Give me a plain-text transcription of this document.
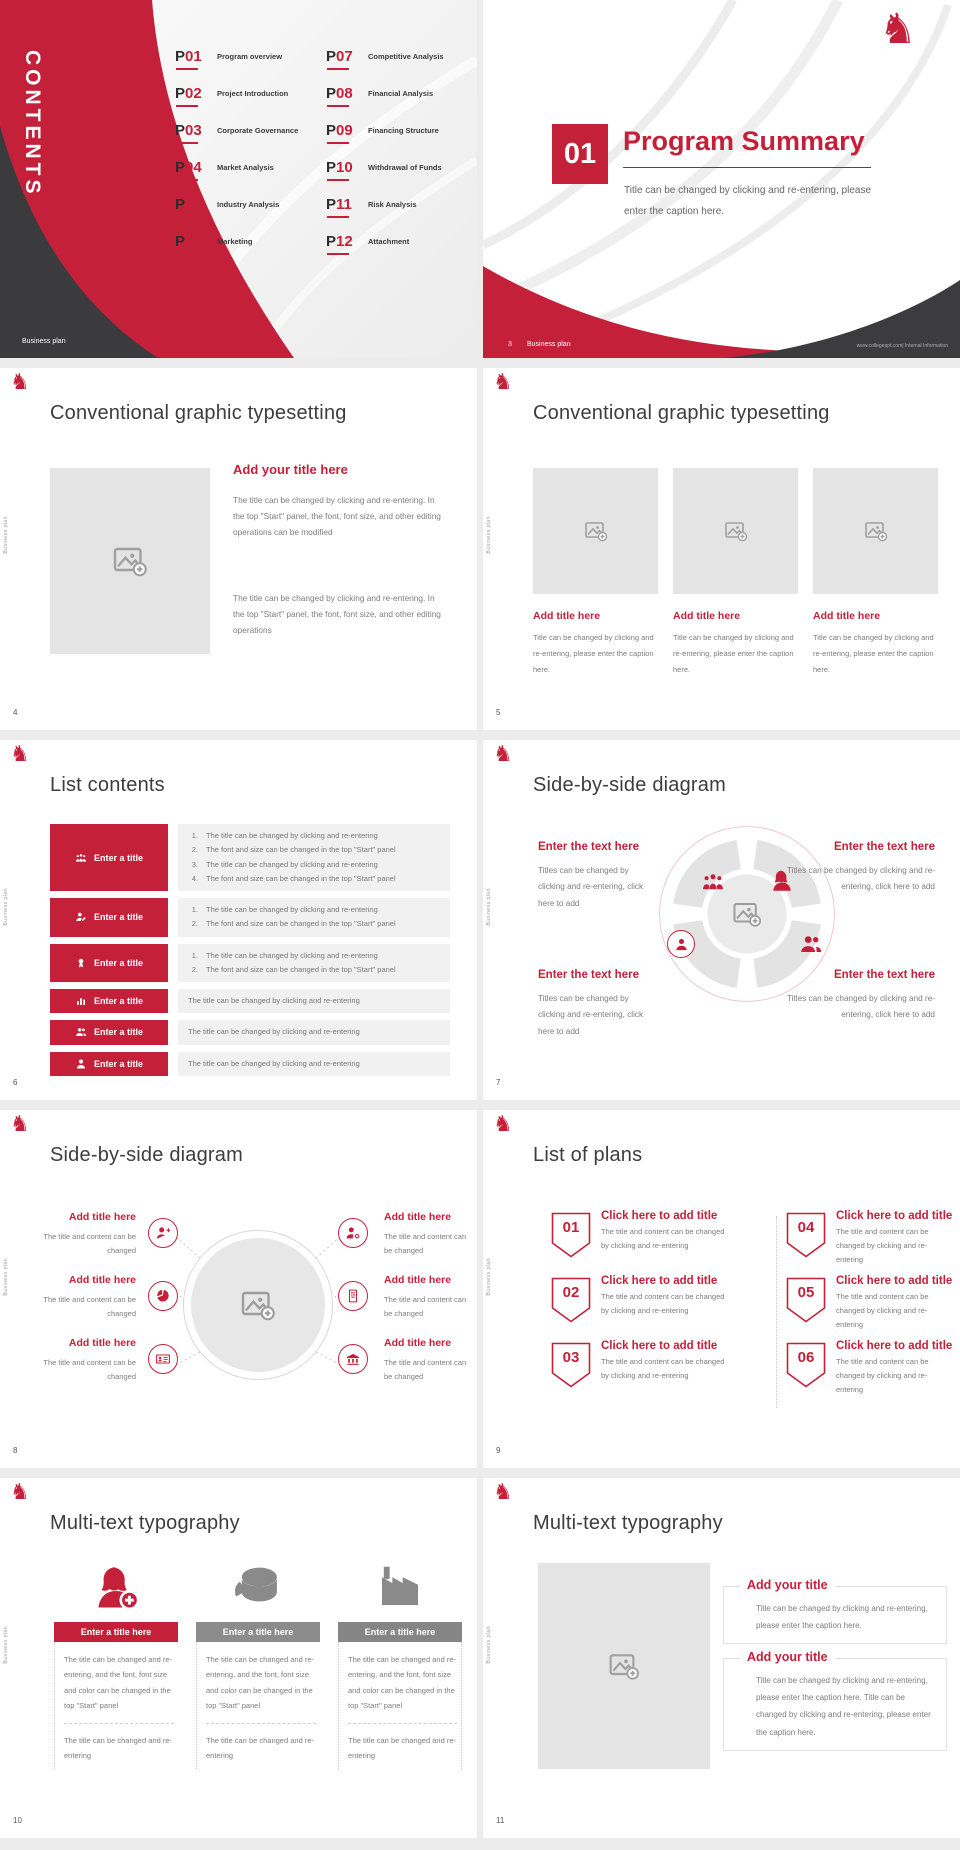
CONTENTS ♞
Business plan
P01 Program overview
P02 Project Introduction
P03 Corporate Governance
P04 Market Analysis
P05 Industry Analysis
P06 Marketing
P07 Competitive Analysis
P08 Financial Analysis
P09 Financing Structure
P10 Withdrawal of Funds
P11 Risk Analysis
P12 Attachment
♞
01 Program Summary
Title can be changed by clicking and re-entering, please enter the caption here.
3 Business plan	www.collegeppt.com| Internal Information
♞
Business plan
Conventional graphic typesetting
Add your title here
The title can be changed by clicking and re-entering. In the top "Start" panel, the font, font size, and other editing operations can be modified
The title can be changed by clicking and re-entering. In the top "Start" panel, the font, font size, and other editing operations
4
♞
Business plan
Conventional graphic typesetting
Add title here

Title can be changed by clicking and re-entering, please enter the caption here.

Add title here

Title can be changed by clicking and re-entering, please enter the caption here.

Add title here

Title can be changed by clicking and re-entering, please enter the caption here.

5
♞
Business plan
List contents
Enter a title
1. The title can be changed by clicking and re-entering
2. The font and size can be changed in the top "Start" panel
3. The title can be changed by clicking and re-entering
4. The font and size can be changed in the top "Start" panel
Enter a title
1. The title can be changed by clicking and re-entering
2. The font and size can be changed in the top "Start" panel
Enter a title
1. The title can be changed by clicking and re-entering
2. The font and size can be changed in the top "Start" panel
Enter a title	The title can be changed by clicking and re-entering
Enter a title	The title can be changed by clicking and re-entering
Enter a title	The title can be changed by clicking and re-entering
6
♞
Business plan
Side-by-side diagram
Enter the text here
Titles can be changed by clicking and re-entering, click here to add
Enter the text here
Titles can be changed by clicking and re-entering, click here to add
Enter the text here
Titles can be changed by clicking and re-entering, click here to add
Enter the text here
Titles can be changed by clicking and re-entering, click here to add
7
♞
Business plan
Side-by-side diagram
Add title here
The title and content can be changed
Add title here
The title and content can be changed
Add title here
The title and content can be changed
Add title here
The title and content can be changed
Add title here
The title and content can be changed
Add title here
The title and content can be changed
8
♞
Business plan
List of plans
01
Click here to add title

The title and content can be changed by clicking and re-entering

02
Click here to add title

The title and content can be changed by clicking and re-entering

03
Click here to add title

The title and content can be changed by clicking and re-entering

04
Click here to add title

The title and content can be changed by clicking and re-entering

05
Click here to add title

The title and content can be changed by clicking and re-entering

06
Click here to add title

The title and content can be changed by clicking and re-entering

9
♞
Business plan
Multi-text typography
Enter a title here
The title can be changed and re-entering, and the font, font size and color can be changed in the top "Start" panel
The title can be changed and re-entering
Enter a title here
The title can be changed and re-entering, and the font, font size and color can be changed in the top "Start" panel
The title can be changed and re-entering
Enter a title here
The title can be changed and re-entering, and the font, font size and color can be changed in the top "Start" panel
The title can be changed and re-entering
10
♞
Business plan
Multi-text typography
Add your title
Title can be changed by clicking and re-entering, please enter the caption here.
Add your title
Title can be changed by clicking and re-entering, please enter the caption here. Title can be changed by clicking and re-entering, please enter the caption here.
11
